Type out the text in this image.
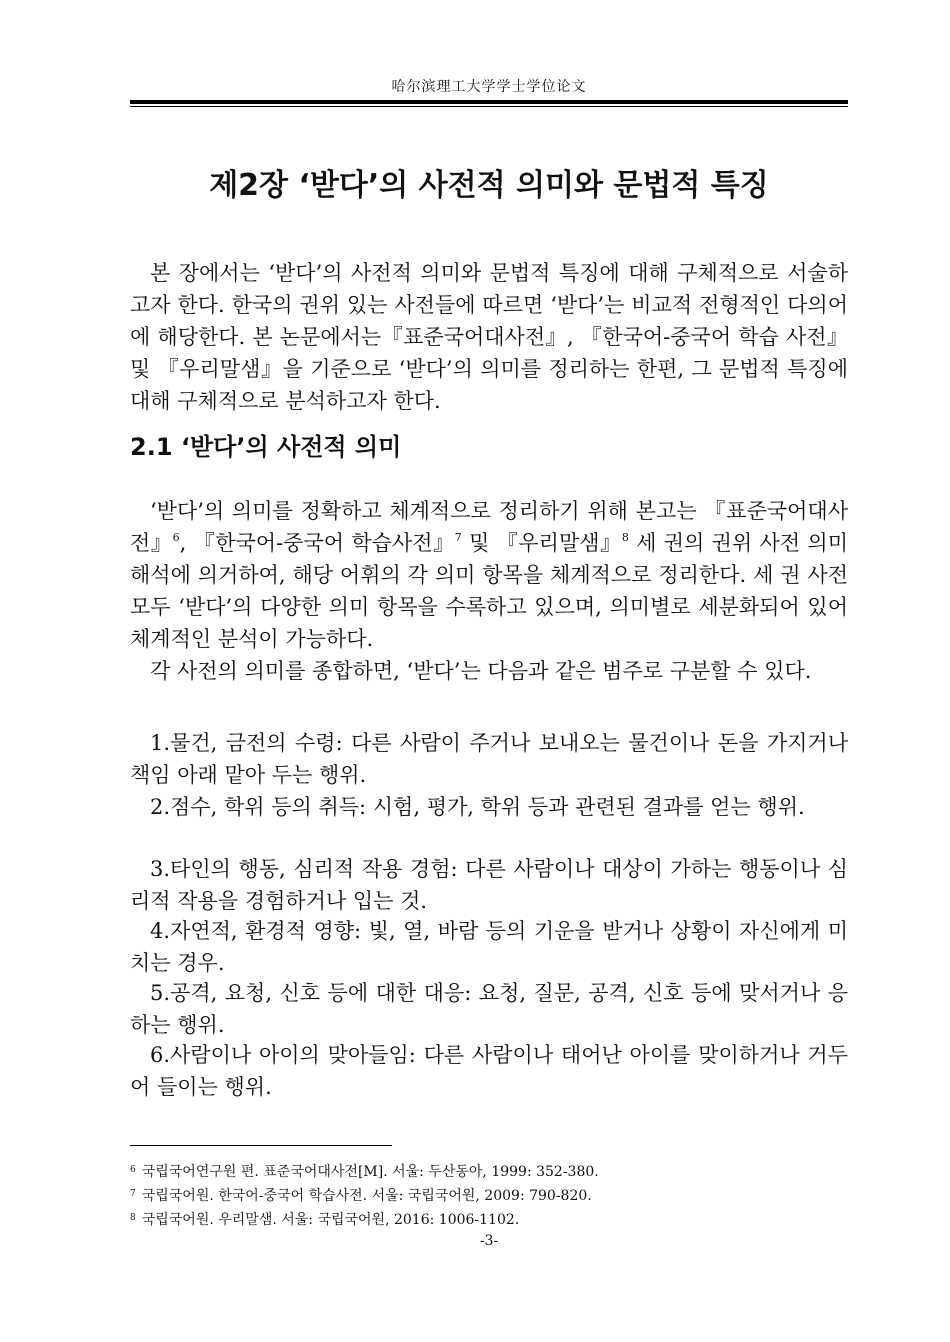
哈尔滨理工大学学士学位论文
제2장 ‘받다’의 사전적 의미와 문법적 특징

본 장에서는 ‘받다’의 사전적 의미와 문법적 특징에 대해 구체적으로 서술하고자 한다. 한국의 권위 있는 사전들에 따르면 ‘받다’는 비교적 전형적인 다의어에 해당한다. 본 논문에서는『표준국어대사전』, 『한국어-중국어 학습 사전』 및 『우리말샘』을 기준으로 ‘받다’의 의미를 정리하는 한편, 그 문법적 특징에 대해 구체적으로 분석하고자 한다.

2.1 ‘받다’의 사전적 의미

‘받다’의 의미를 정확하고 체계적으로 정리하기 위해 본고는 『표준국어대사전』$^6$, 『한국어-중국어 학습사전』$^7$ 및 『우리말샘』$^8$ 세 권의 권위 사전 의미 해석에 의거하여, 해당 어휘의 각 의미 항목을 체계적으로 정리한다. 세 권 사전 모두 ‘받다’의 다양한 의미 항목을 수록하고 있으며, 의미별로 세분화되어 있어 체계적인 분석이 가능하다.

각 사전의 의미를 종합하면, ‘받다’는 다음과 같은 범주로 구분할 수 있다.

1.물건, 금전의 수령: 다른 사람이 주거나 보내오는 물건이나 돈을 가지거나 책임 아래 맡아 두는 행위.

2.점수, 학위 등의 취득: 시험, 평가, 학위 등과 관련된 결과를 얻는 행위.

3.타인의 행동, 심리적 작용 경험: 다른 사람이나 대상이 가하는 행동이나 심리적 작용을 경험하거나 입는 것.

4.자연적, 환경적 영향: 빛, 열, 바람 등의 기운을 받거나 상황이 자신에게 미치는 경우.

5.공격, 요청, 신호 등에 대한 대응: 요청, 질문, 공격, 신호 등에 맞서거나 응하는 행위.

6.사람이나 아이의 맞아들임: 다른 사람이나 태어난 아이를 맞이하거나 거두어 들이는 행위.

$^6$ 국립국어연구원 편. 표준국어대사전[M]. 서울: 두산동아, 1999: 352-380.

$^7$ 국립국어원. 한국어-중국어 학습사전. 서울: 국립국어원, 2009: 790-820.

$^8$ 국립국어원. 우리말샘. 서울: 국립국어원, 2016: 1006-1102.

-3-
